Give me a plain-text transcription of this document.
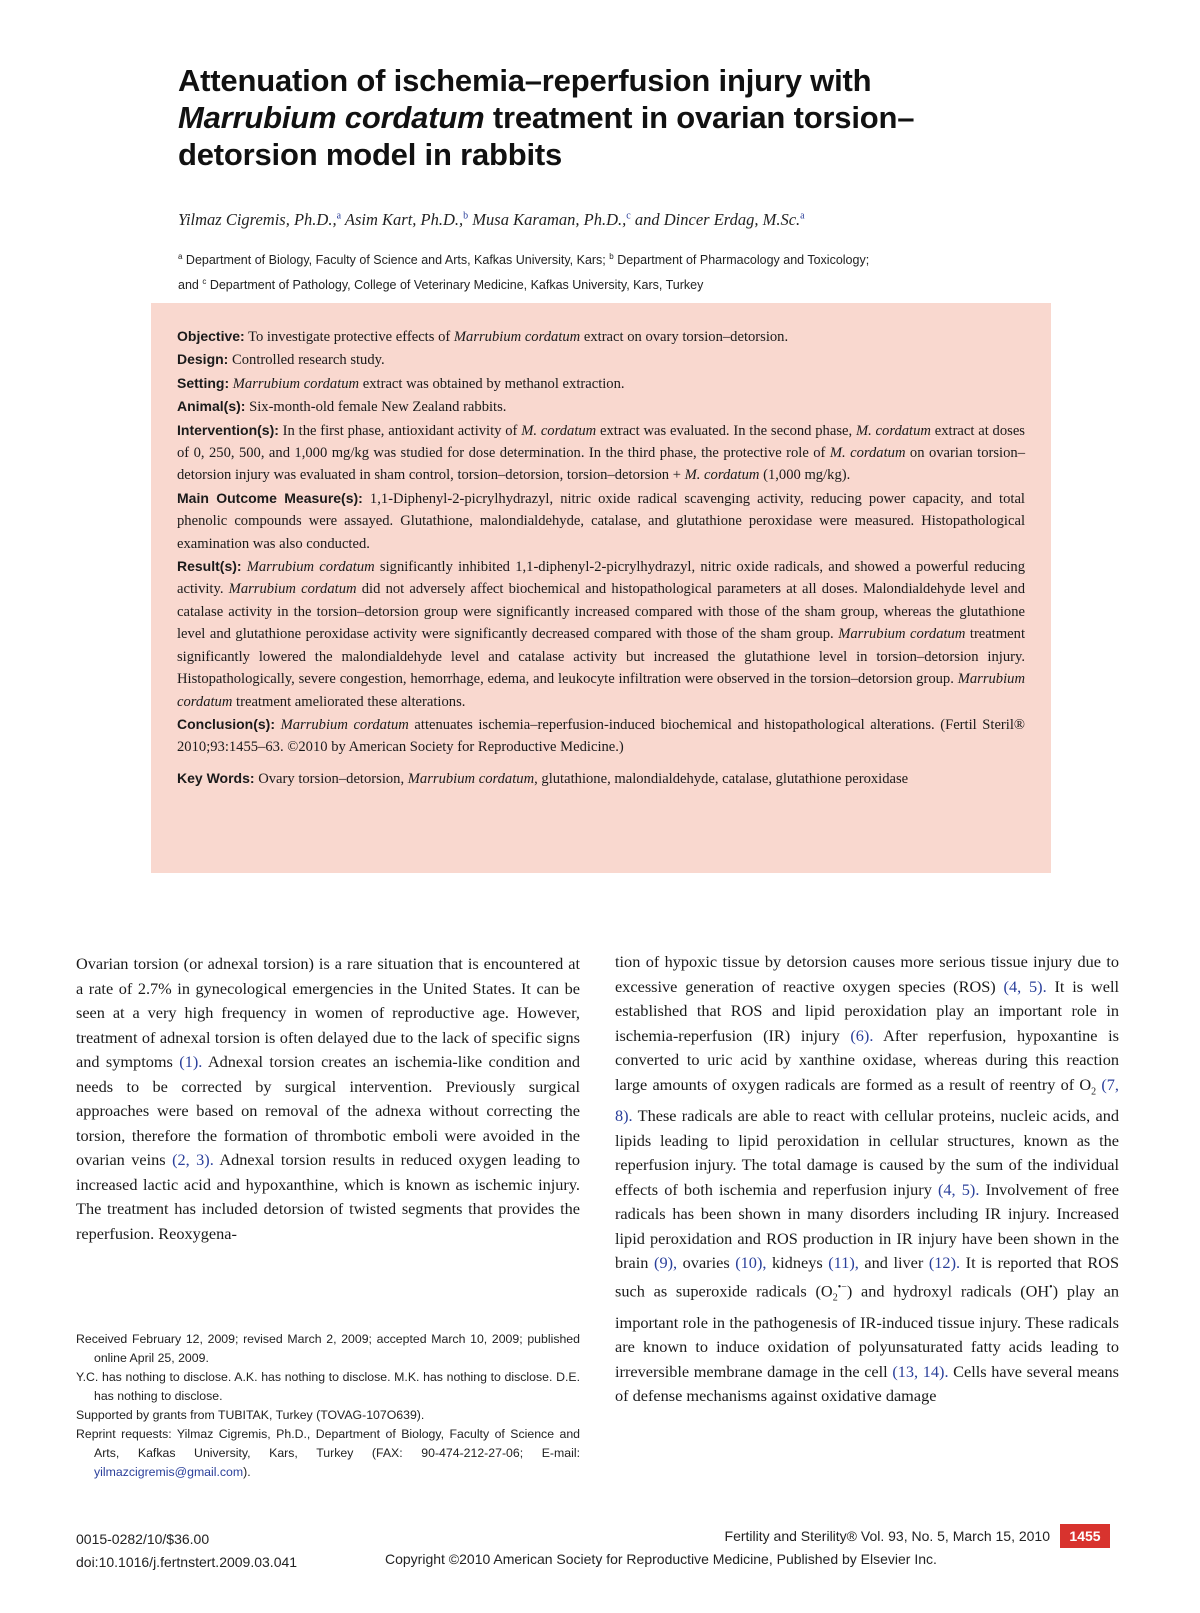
Attenuation of ischemia–reperfusion injury with
Marrubium cordatum treatment in ovarian torsion–
detorsion model in rabbits
Yilmaz Cigremis, Ph.D.,$^a$ Asim Kart, Ph.D.,$^b$ Musa Karaman, Ph.D.,$^c$ and Dincer Erdag, M.Sc.$^a$
$^a$ Department of Biology, Faculty of Science and Arts, Kafkas University, Kars; $^b$ Department of Pharmacology and Toxicology;
and $^c$ Department of Pathology, College of Veterinary Medicine, Kafkas University, Kars, Turkey

Objective: To investigate protective effects of Marrubium cordatum extract on ovary torsion–detorsion.

Design: Controlled research study.

Setting: Marrubium cordatum extract was obtained by methanol extraction.

Animal(s): Six-month-old female New Zealand rabbits.

Intervention(s): In the first phase, antioxidant activity of M. cordatum extract was evaluated. In the second phase, M. cordatum extract at doses of 0, 250, 500, and 1,000 mg/kg was studied for dose determination. In the third phase, the protective role of M. cordatum on ovarian torsion–detorsion injury was evaluated in sham control, torsion–detorsion, torsion–detorsion + M. cordatum (1,000 mg/kg).

Main Outcome Measure(s): 1,1-Diphenyl-2-picrylhydrazyl, nitric oxide radical scavenging activity, reducing power capacity, and total phenolic compounds were assayed. Glutathione, malondialdehyde, catalase, and glutathione peroxidase were measured. Histopathological examination was also conducted.

Result(s): Marrubium cordatum significantly inhibited 1,1-diphenyl-2-picrylhydrazyl, nitric oxide radicals, and showed a powerful reducing activity. Marrubium cordatum did not adversely affect biochemical and histopathological parameters at all doses. Malondialdehyde level and catalase activity in the torsion–detorsion group were significantly increased compared with those of the sham group, whereas the glutathione level and glutathione peroxidase activity were significantly decreased compared with those of the sham group. Marrubium cordatum treatment significantly lowered the malondialdehyde level and catalase activity but increased the glutathione level in torsion–detorsion injury. Histopathologically, severe congestion, hemorrhage, edema, and leukocyte infiltration were observed in the torsion–detorsion group. Marrubium cordatum treatment ameliorated these alterations.

Conclusion(s): Marrubium cordatum attenuates ischemia–reperfusion-induced biochemical and histopathological alterations. (Fertil Steril® 2010;93:1455–63. ©2010 by American Society for Reproductive Medicine.)

Key Words: Ovary torsion–detorsion, Marrubium cordatum, glutathione, malondialdehyde, catalase, glutathione peroxidase

Ovarian torsion (or adnexal torsion) is a rare situation that is encountered at a rate of 2.7% in gynecological emergencies in the United States. It can be seen at a very high frequency in women of reproductive age. However, treatment of adnexal torsion is often delayed due to the lack of specific signs and symptoms (1). Adnexal torsion creates an ischemia-like condition and needs to be corrected by surgical intervention. Previously surgical approaches were based on removal of the adnexa without correcting the torsion, therefore the formation of thrombotic emboli were avoided in the ovarian veins (2, 3). Adnexal torsion results in reduced oxygen leading to increased lactic acid and hypoxanthine, which is known as ischemic injury. The treatment has included detorsion of twisted segments that provides the reperfusion. Reoxygena-

tion of hypoxic tissue by detorsion causes more serious tissue injury due to excessive generation of reactive oxygen species (ROS) (4, 5). It is well established that ROS and lipid peroxidation play an important role in ischemia-reperfusion (IR) injury (6). After reperfusion, hypoxantine is converted to uric acid by xanthine oxidase, whereas during this reaction large amounts of oxygen radicals are formed as a result of reentry of $O_2$ (7, 8). These radicals are able to react with cellular proteins, nucleic acids, and lipids leading to lipid peroxidation in cellular structures, known as the reperfusion injury. The total damage is caused by the sum of the individual effects of both ischemia and reperfusion injury (4, 5). Involvement of free radicals has been shown in many disorders including IR injury. Increased lipid peroxidation and ROS production in IR injury have been shown in the brain (9), ovaries (10), kidneys (11), and liver (12). It is reported that ROS such as superoxide radicals $(O_2^{•-})$ and hydroxyl radicals (OH•) play an important role in the pathogenesis of IR-induced tissue injury. These radicals are known to induce oxidation of polyunsaturated fatty acids leading to irreversible membrane damage in the cell (13, 14). Cells have several means of defense mechanisms against oxidative damage

Received February 12, 2009; revised March 2, 2009; accepted March 10, 2009; published online April 25, 2009.

Y.C. has nothing to disclose. A.K. has nothing to disclose. M.K. has nothing to disclose. D.E. has nothing to disclose.

Supported by grants from TUBITAK, Turkey (TOVAG-107O639).

Reprint requests: Yilmaz Cigremis, Ph.D., Department of Biology, Faculty of Science and Arts, Kafkas University, Kars, Turkey (FAX: 90-474-212-27-06; E-mail: yilmazcigremis@gmail.com).

0015-0282/10/$36.00
doi:10.1016/j.fertnstert.2009.03.041
Fertility and Sterility® Vol. 93, No. 5, March 15, 2010	1455
Copyright ©2010 American Society for Reproductive Medicine, Published by Elsevier Inc.
